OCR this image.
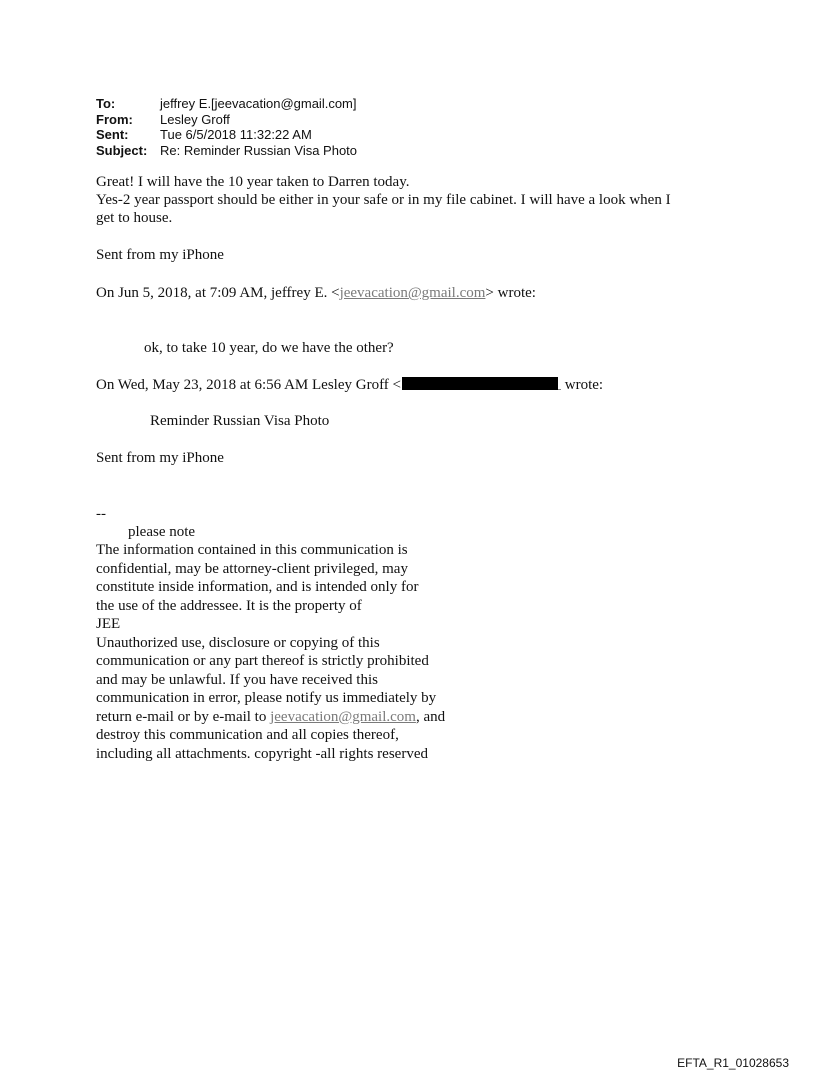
To:	jeffrey E.[jeevacation@gmail.com]
From:	Lesley Groff
Sent:	Tue 6/5/2018 11:32:22 AM
Subject: Re: Reminder Russian Visa Photo
Great! I will have the 10 year taken to Darren today.
Yes-2 year passport should be either in your safe or in my file cabinet. I will have a look when I
get to house.
Sent from my iPhone
On Jun 5, 2018, at 7:09 AM, jeffrey E. <jeevacation@gmail.com> wrote:
ok, to take 10 year, do we have the other?
On Wed, May 23, 2018 at 6:56 AM Lesley Groff <	wrote:
Reminder Russian Visa Photo
Sent from my iPhone
--
please note
The information contained in this communication is
confidential, may be attorney-client privileged, may
constitute inside information, and is intended only for
the use of the addressee. It is the property of
JEE
Unauthorized use, disclosure or copying of this
communication or any part thereof is strictly prohibited
and may be unlawful. If you have received this
communication in error, please notify us immediately by
return e-mail or by e-mail to jeevacation@gmail.com, and
destroy this communication and all copies thereof,
including all attachments. copyright -all rights reserved
EFTA_R1_01028653
